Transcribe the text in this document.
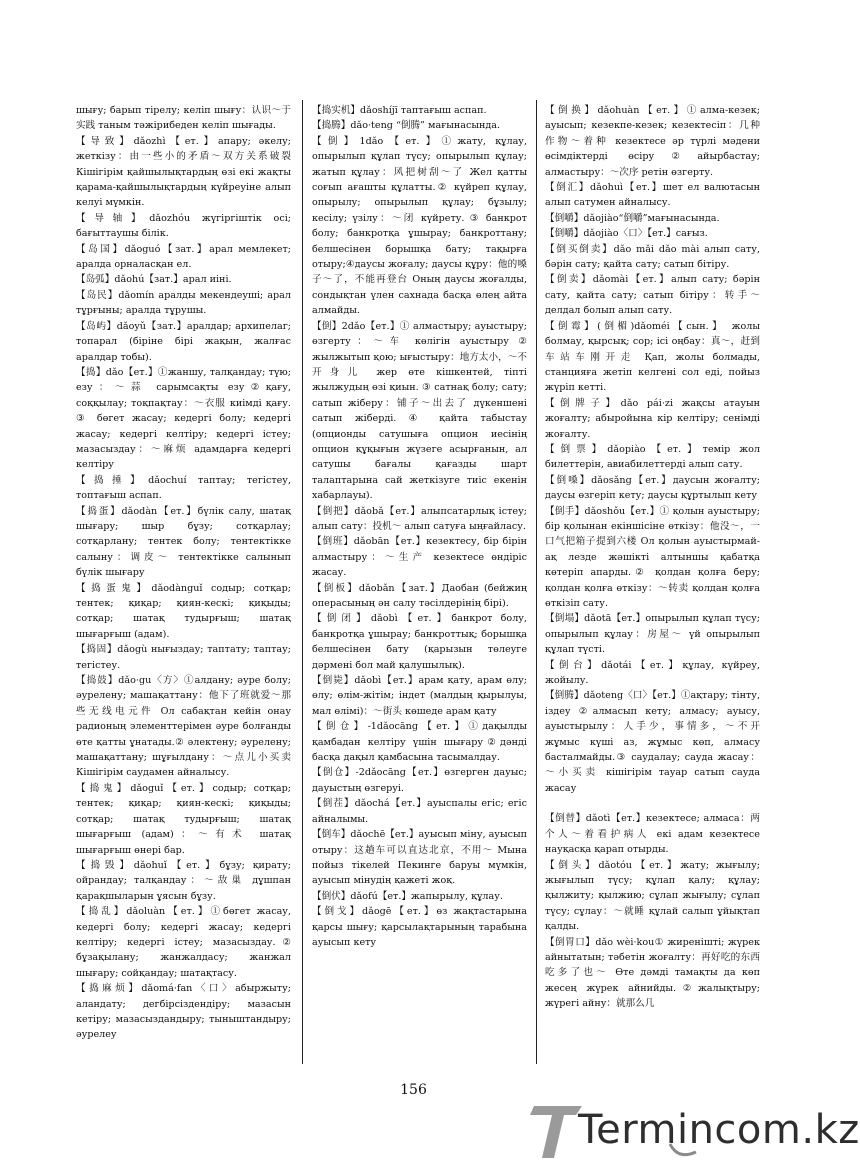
шығу; барып тірелу; келіп шығу：认识～于实践 таным тәжірибеден келіп шығады.

【导致】dǎozhì【ет.】апару; әкелу; жеткізу：由一些小的矛盾～双方关系破裂 Кішігірім қайшылықтардың өзі екі жақты қарама-қайшылықтардың күйреуіне алып келуі мүмкін.

【导轴】dǎozhóu жүгіргіштік осі; бағыттаушы білік.

【岛国】dǎoguó【зат.】арал мемлекет; аралда орналасқан ел.

【岛弧】dǎohú【зат.】арал иіні.

【岛民】dǎomín аралды мекендеуші; арал тұрғыны; аралда тұрушы.

【岛屿】dǎoyǔ【зат.】аралдар; архипелаг; топарал (біріне бірі жақын, жалғас аралдар тобы).

【捣】dǎo【ет.】①жаншу, талқандау; түю; езу：～蒜 сарымсақты езу②қағу, соққылау; тоқпақтау：～衣服 киімді қағу. ③ бөгет жасау; кедергі болу; кедергі жасау; кедергі келтіру; кедергі істеу; мазасыздау：～麻烦 адамдарға кедергі келтіру

【捣捶】dǎochuí таптау; тегістеу, топтағыш аспап.

【捣蛋】dǎodàn【ет.】бүлік салу, шатақ шығару; шыр бұзу; сотқарлау; сотқарлану; тентек болу; тентектікке салыну：调皮～ тентектікке салынып бүлік шығару

【捣蛋鬼】dǎodànguǐ содыр; сотқар; тентек; қиқар; қиян-кескі; қиқыды; сотқар; шатақ тудырғыш; шатақ шығарғыш (адам).

【捣固】dǎogù нығыздау; таптату; таптау; тегістеу.

【捣鼓】dǎo·gu〈方〉①алдану; әуре болу; әурелену; машақаттану：他下了班就爱～那些无线电元件 Ол сабақтан кейін онау радионың элементтерімен әуре болғанды өте қатты ұнатады.② әлектену; әурелену; машақаттану; шұғылдану：～点儿小买卖 Кішігірім саудамен айналысу.

【捣鬼】dǎoguǐ【ет.】содыр; сотқар; тентек; қиқар; қиян-кескі; қиқыды; сотқар; шатақ тудырғыш; шатақ шығарғыш (адам)：～有术 шатақ шығарғыш өнері бар.

【捣毁】dǎohuǐ【ет.】бұзу; қирату; ойрандау; талқандау：～敌巢 дұшпан қарақшыларын ұясын бұзу.

【捣乱】dǎoluàn【ет.】①бөгет жасау, кедергі болу; кедергі жасау; кедергі келтіру; кедергі істеу; мазасыздау.② бұзақылану; жанжалдасу; жанжал шығару; сойқандау; шатақтасу.

【捣麻烦】dǎomá·fan〈口〉абыржыту; аландату; дегбірсіздендіру; мазасын кетіру; мазасыздандыру; тыныштандыру; әурелеу

【捣实机】dǎoshíjī таптағыш аспап.

【捣腾】dǎo·teng “倒腾” мағынасында.

【倒】1dǎo【ет.】①жату, құлау, опырылып құлап түсу; опырылып құлау; жатып құлау：风把树刮～了 Жел қатты соғып ағашты құлатты.② күйреп құлау, опырылу; опырылып құлау; бұзылу; кесілу; үзілу：～闭 күйрету. ③ банкрот болу; банкротқа ұшырау; банкроттану; белшесінен борышқа бату; тақырға отыру;④даусы жоғалу; даусы құру：他的嗓子～了，不能再登台 Оның даусы жоғалды, сондықтан үлен сахнада басқа өлең айта алмайды.

【倒】2dǎo【ет.】① алмастыру; ауыстыру; өзгерту：～车 көлігін ауыстыру ② жылжытып қою; ығыстыру：地方太小，～不开身儿 жер өте кішкентей, тіпті жылжудың өзі қиын. ③ сатнақ болу; сату; сатып жіберу：铺子～出去了 дүкеншені сатып жіберді. ④ қайта табыстау (опционды сатушыға опцион иесінің опцион құқығын жүзеге асырғанын, ал сатушы бағалы қағазды шарт талаптарына сай жеткізуге тиіс екенін хабарлауы).

【倒把】dǎobǎ【ет.】алыпсатарлық істеу; алып сату：投机～ алып сатуға ыңғайласу.

【倒班】dǎobān【ет.】кезектесу, бір бірін алмастыру：～生产 кезектесе өндіріс жасау.

【倒板】dǎobǎn【зат.】Даобан (бейжиң операсының ән салу тәсілдерінің бірі).

【倒闭】dǎobì【ет.】банкрот болу, банкротқа ұшырау; банкроттық; борышқа белшесінен бату (қарызын төлеуге дәрмені бол май қалушылық).

【倒毙】dǎobì【ет.】арам қату, арам өлу; өлу; өлім-жітім; індет (малдың қырылуы, мал өлімі)：～街头 көшеде арам қату

【倒仓】-1dǎocāng【ет.】①дақылды қамбадан келтіру үшін шығару②дәнді басқа дақыл қамбасына тасымалдау.

【倒仓】-2dǎocāng【ет.】өзгерген дауыс; дауыстың өзгеруі.

【倒茬】dǎochá【ет.】ауыспалы егіс; егіс айналымы.

【倒车】dǎochē【ет.】ауысып міну, ауысып отыру：这趟车可以直达北京，不用～ Мына пойыз тікелей Пекинге баруы мүмкін, ауысып мінудің қажеті жоқ.

【倒伏】dǎofú【ет.】жапырылу, құлау.

【倒戈】dǎogē【ет.】өз жақтастарына қарсы шығу; қарсылақтарының тарабына ауысып кету

【倒换】dǎohuàn【ет.】①алма-кезек; ауысып; кезекпе-кезек; кезектесіп：几种作物～着种 кезектесе әр түрлі мәдени өсімдіктерді өсіру②айырбастау; алмастыру：～次序 ретін өзгерту.

【倒汇】dǎohuì【ет.】шет ел валютасын алып сатумен айналысу.

【倒嚼】dǎojiào“倒嚼”мағынасында.

【倒嚼】dǎojiào〈口〉【ет.】сағыз.

【倒买倒卖】dǎo mǎi dǎo mài алып сату, бәрін сату; қайта сату; сатып бітіру.

【倒卖】dǎomài【ет.】алып сату; бәрін сату, қайта сату; сатып бітіру：转手～ делдал болып алып сату.

【倒霉】(倒楣)dǎoméi【сын.】 жолы болмау, қырсық; сор; ісі оңбау：真～，赶到车站车刚开走 Қап, жолы болмады, станцияға жетіп келгені сол еді, пойыз жүріп кетті.

【倒牌子】dǎo pái·zi жақсы атауын жоғалту; абыройына кір келтіру; сенімді жоғалту.

【倒票】dǎopiào【ет.】темір жол билеттерін, авиабилеттерді алып сату.

【倒嗓】dǎosǎng【ет.】даусын жоғалту; даусы өзгеріп кету; даусы құртылып кету

【倒手】dǎoshǒu【ет.】① қолын ауыстыру; бір қолынан екіншісіне өткізу：他没～，一口气把箱子提到六楼 Ол қолын ауыстырмай-ақ лезде жәшікті алтыншы қабатқа көтеріп апарды.② қолдан қолға беру; қолдан қолға өткізу：～转卖 қолдан қолға өткізіп сату.

【倒塌】dǎotā【ет.】опырылып құлап түсу; опырылып құлау：房屋～ үй опырылып құлап түсті.

【倒台】dǎotái【ет.】құлау, күйреу, жойылу.

【倒腾】dǎoteng〈口〉【ет.】①ақтару; тінту, іздеу ②алмасып кету; алмасу; ауысу, ауыстырылу：人手少，事情多，～不开 жұмыс күші аз, жұмыс көп, алмасу басталмайды.③ саудалау; сауда жасау：～小买卖 кішігірім тауар сатып сауда жасау

【倒替】dǎotì【ет.】кезектесе; алмаса：两个人～着看护病人 екі адам кезектесе науқасқа қарап отырды.

【倒头】dǎotóu【ет.】жату; жығылу; жығылып түсу; құлап қалу; құлау; қылжиту; қылжию; сұлап жығылу; сұлап түсу; сұлау：～就睡 құлай салып ұйықтап қалды.

【倒胃口】dǎo wèi·kou① жиреніштi; жүрек айнытатын; тәбетін жоғалту：再好吃的东西吃多了也～ Өте дәмді тамақты да көп жесең жүрек айнийды.②жалықтыру; жүрегі айну：就那么几

156
Termincom.kz
